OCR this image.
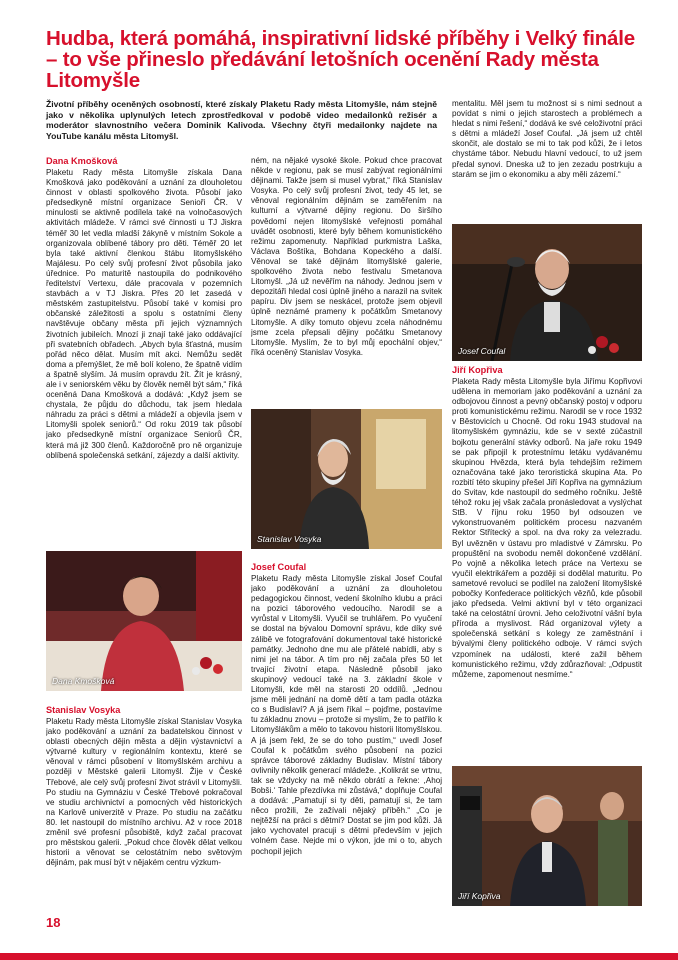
Hudba, která pomáhá, inspirativní lidské příběhy i Velký finále – to vše přineslo předávání letošních ocenění Rady města Litomyšle

Životní příběhy oceněných osobností, které získaly Plaketu Rady města Litomyšle, nám stejně jako v několika uplynulých letech zprostředkoval v podobě video medailonků režisér a moderátor slavnostního večera Dominik Kalivoda. Všechny čtyři medailonky najdete na YouTube kanálu města Litomyšl.

Dana Kmošková

Plaketu Rady města Litomyšle získala Dana Kmošková jako poděkování a uznání za dlouholetou činnost v oblasti spolkového života. Působí jako předsedkyně místní organizace Senioři ČR. V minulosti se aktivně podílela také na volnočasových aktivitách mládeže. V rámci své činnosti u TJ Jiskra téměř 30 let vedla mladší žákyně v místním Sokole a organizovala oblíbené tábory pro děti. Téměř 20 let byla také aktivní členkou štábu litomyšlského Majálesu. Po celý svůj profesní život působila jako úřednice. Po maturitě nastoupila do podnikového ředitelství Vertexu, dále pracovala v pozemních stavbách a v TJ Jiskra. Přes 20 let zasedá v městském zastupitelstvu. Působí také v komisi pro občanské záležitosti a spolu s ostatními členy navštěvuje občany města při jejich významných životních jubileích. Mnozí ji znají také jako oddávající při svatebních obřadech. „Abych byla šťastná, musím pořád něco dělat. Musím mít akci. Nemůžu sedět doma a přemýšlet, že mě bolí koleno, že špatně vidím a špatně slyším. Já musím opravdu žít. Žít je krásný, ale i v seniorském věku by člověk neměl být sám,“ říká oceněná Dana Kmošková a dodává: „Když jsem se chystala, že půjdu do důchodu, tak jsem hledala náhradu za práci s dětmi a mládeží a objevila jsem v Litomyšli spolek seniorů.“ Od roku 2019 tak působí jako předsedkyně místní organizace Seniorů ČR, která má již 300 členů. Každoročně pro ně organizuje oblíbená společenská setkání, zájezdy a další aktivity.

Dana Kmošková
Stanislav Vosyka

Plaketu Rady města Litomyšle získal Stanislav Vosyka jako poděkování a uznání za badatelskou činnost v oblasti obecných dějin města a dějin výstavnictví a výtvarné kultury v regionálním kontextu, které se věnoval v rámci působení v litomyšlském archivu a později v Městské galerii Litomyšl. Žije v České Třebové, ale celý svůj profesní život strávil v Litomyšli. Po studiu na Gymnáziu v České Třebové pokračoval ve studiu archivnictví a pomocných věd historických na Karlově univerzitě v Praze. Po studiu na začátku 80. let nastoupil do místního archivu. Až v roce 2018 změnil své profesní působiště, když začal pracovat pro městskou galerii. „Pokud chce člověk dělat velkou historii a věnovat se celostátním nebo světovým dějinám, pak musí být v nějakém centru výzkum-

ném, na nějaké vysoké škole. Pokud chce pracovat někde v regionu, pak se musí zabývat regionálními dějinami. Takže jsem si musel vybrat,“ říká Stanislav Vosyka. Po celý svůj profesní život, tedy 45 let, se věnoval regionálním dějinám se zaměřením na kulturní a výtvarné dějiny regionu. Do širšího povědomí nejen litomyšlské veřejnosti pomáhal uvádět osobnosti, které byly během komunistického režimu zapomenuty. Například purkmistra Laška, Václava Boštíka, Bohdana Kopeckého a další. Věnoval se také dějinám litomyšlské galerie, spolkového života nebo festivalu Smetanova Litomyšl. „Já už nevěřím na náhody. Jednou jsem v depozitáři hledal cosi úplně jiného a narazil na svitek papíru. Div jsem se neskácel, protože jsem objevil úplně neznámé prameny k počátkům Smetanovy Litomyšle. A díky tomuto objevu zcela náhodnému jsme zcela přepsali dějiny počátku Smetanovy Litomyšle. Myslím, že to byl můj epochální objev,“ říká oceněný Stanislav Vosyka.

Stanislav Vosyka
Josef Coufal

Plaketu Rady města Litomyšle získal Josef Coufal jako poděkování a uznání za dlouholetou pedagogickou činnost, vedení školního klubu a práci na pozici táborového vedoucího. Narodil se a vyrůstal v Litomyšli. Vyučil se truhlářem. Po vyučení se dostal na bývalou Domovní správu, kde díky své zálibě ve fotografování dokumentoval také historické památky. Jednoho dne mu ale přátelé nabídli, aby s nimi jel na tábor. A tím pro něj začala přes 50 let trvající životní etapa. Následně působil jako skupinový vedoucí také na 3. základní škole v Litomyšli, kde měl na starosti 20 oddílů. „Jednou jsme měli jednání na domě dětí a tam padla otázka co s Budislaví? A já jsem říkal – pojďme, postavíme tu základnu znovu – protože si myslím, že to patřilo k Litomyšlákům a mělo to takovou historii litomyšlskou. A já jsem řekl, že se do toho pustím,“ uvedl Josef Coufal k počátkům svého působení na pozici správce táborové základny Budislav. Místní tábory ovlivnily několik generací mládeže. „Kolikrát se vrtnu, tak se vždycky na mě někdo obrátí a řekne: ,Ahoj Bobši.‘ Tahle přezdívka mi zůstává,“ doplňuje Coufal a dodává: „Pamatují si ty děti, pamatují si, že tam něco prožili, že zažívali nějaký příběh.“ „Co je nejtěžší na práci s dětmi? Dostat se jim pod kůži. Já jako vychovatel pracuji s dětmi především v jejich volném čase. Nejde mi o výkon, jde mi o to, abych pochopil jejich

mentalitu. Měl jsem tu možnost si s nimi sednout a povídat s nimi o jejich starostech a problémech a hledat s nimi řešení,“ dodává ke své celoživotní práci s dětmi a mládeží Josef Coufal. „Já jsem už chtěl skončit, ale dostalo se mi to tak pod kůži, že i letos chystáme tábor. Nebudu hlavní vedoucí, to už jsem předal synovi. Dneska už to jen zezadu postrkuju a starám se jim o ekonomiku a aby měli zázemí.“

Josef Coufal
Jiří Kopřiva

Plaketa Rady města Litomyšle byla Jiřímu Kopřivovi udělena in memoriam jako poděkování a uznání za odbojovou činnost a pevný občanský postoj v odporu proti komunistickému režimu. Narodil se v roce 1932 v Běstovicích u Chocně. Od roku 1943 studoval na litomyšlském gymnáziu, kde se v sexté zúčastnil bojkotu generální stávky odborů. Na jaře roku 1949 se pak připojil k protestnímu letáku vydávanému skupinou Hvězda, která byla tehdejším režimem označována také jako teroristická skupina Ata. Po rozbití této skupiny přešel Jiří Kopřiva na gymnázium do Svitav, kde nastoupil do sedmého ročníku. Ještě téhož roku jej však začala pronásledovat a vyslýchat StB. V říjnu roku 1950 byl odsouzen ve vykonstruovaném politickém procesu nazvaném Rektor Střítecký a spol. na dva roky za velezradu. Byl uvězněn v ústavu pro mladistvé v Zámrsku. Po propuštění na svobodu neměl dokončené vzdělání. Po vojně a několika letech práce na Vertexu se vyučil elektrikářem a později si dodělal maturitu. Po sametové revoluci se podílel na založení litomyšlské pobočky Konfederace politických vězňů, kde působil jako předseda. Velmi aktivní byl v této organizaci také na celostátní úrovni. Jeho celoživotní vášní byla příroda a myslivost. Rád organizoval výlety a společenská setkání s kolegy ze zaměstnání i bývalými členy politického odboje. V rámci svých vzpomínek na události, které zažil během komunistického režimu, vždy zdůrazňoval: „Odpustit můžeme, zapomenout nesmíme.“

Jiří Kopřiva
18
